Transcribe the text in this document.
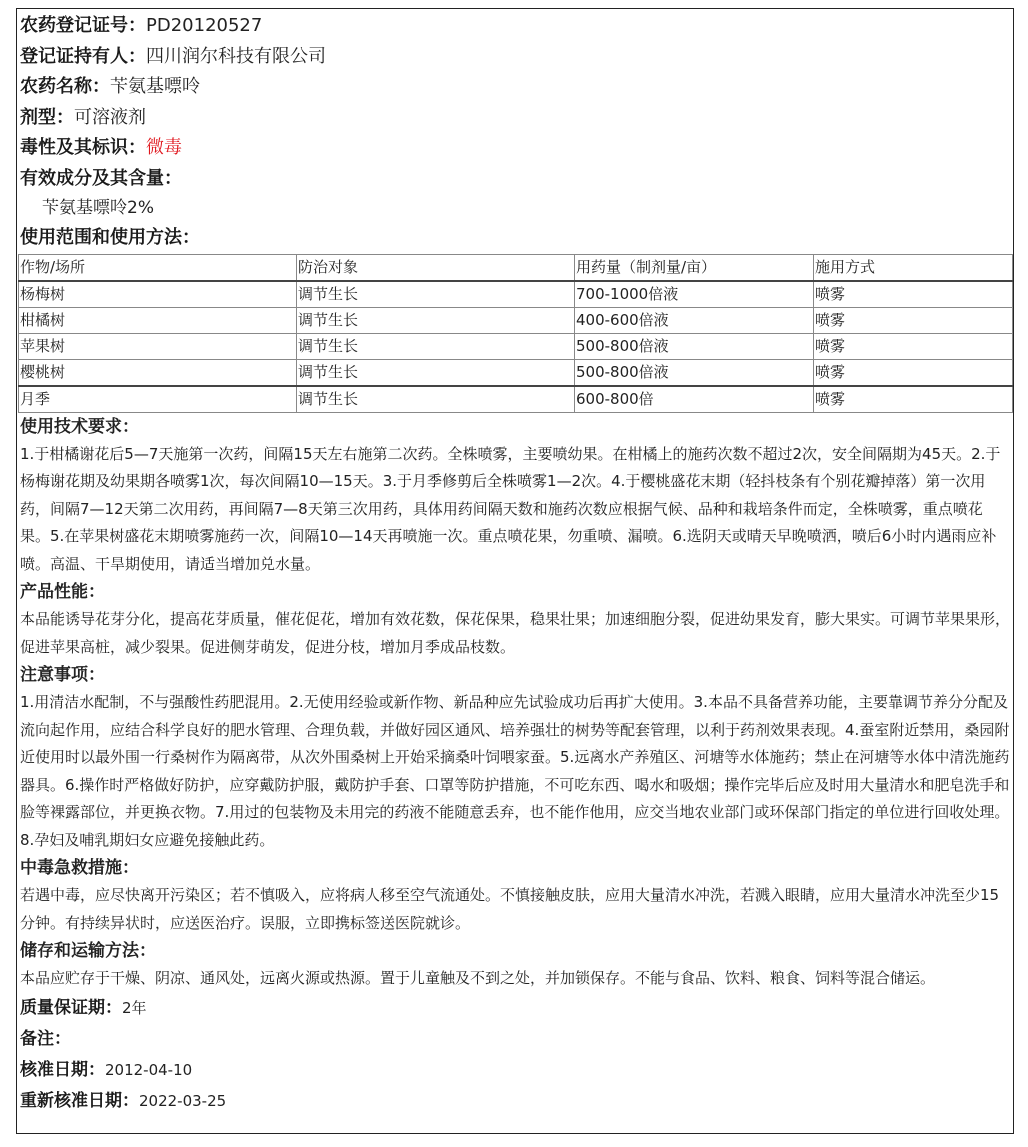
农药登记证号：PD20120527
登记证持有人：四川润尔科技有限公司
农药名称：苄氨基嘌呤
剂型：可溶液剂
毒性及其标识：微毒
有效成分及其含量：
苄氨基嘌呤2%
使用范围和使用方法：
作物/场所	防治对象	用药量（制剂量/亩）	施用方式
杨梅树	调节生长	700-1000倍液	喷雾
柑橘树	调节生长	400-600倍液	喷雾
苹果树	调节生长	500-800倍液	喷雾
樱桃树	调节生长	500-800倍液	喷雾
月季	调节生长	600-800倍	喷雾
使用技术要求：
1.于柑橘谢花后5—7天施第一次药，间隔15天左右施第二次药。全株喷雾，主要喷幼果。在柑橘上的施药次数不超过2次，安全间隔期为45天。2.于杨梅谢花期及幼果期各喷雾1次，每次间隔10—15天。3.于月季修剪后全株喷雾1—2次。4.于樱桃盛花末期（轻抖枝条有个别花瓣掉落）第一次用药，间隔7—12天第二次用药，再间隔7—8天第三次用药，具体用药间隔天数和施药次数应根据气候、品种和栽培条件而定，全株喷雾，重点喷花果。5.在苹果树盛花末期喷雾施药一次，间隔10—14天再喷施一次。重点喷花果，勿重喷、漏喷。6.选阴天或晴天早晚喷洒，喷后6小时内遇雨应补喷。高温、干旱期使用，请适当增加兑水量。
产品性能：
本品能诱导花芽分化，提高花芽质量，催花促花，增加有效花数，保花保果，稳果壮果；加速细胞分裂，促进幼果发育，膨大果实。可调节苹果果形，促进苹果高桩，减少裂果。促进侧芽萌发，促进分枝，增加月季成品枝数。
注意事项：
1.用清洁水配制，不与强酸性药肥混用。2.无使用经验或新作物、新品种应先试验成功后再扩大使用。3.本品不具备营养功能，主要靠调节养分分配及流向起作用，应结合科学良好的肥水管理、合理负载，并做好园区通风、培养强壮的树势等配套管理，以利于药剂效果表现。4.蚕室附近禁用，桑园附近使用时以最外围一行桑树作为隔离带，从次外围桑树上开始采摘桑叶饲喂家蚕。5.远离水产养殖区、河塘等水体施药；禁止在河塘等水体中清洗施药器具。6.操作时严格做好防护，应穿戴防护服，戴防护手套、口罩等防护措施，不可吃东西、喝水和吸烟；操作完毕后应及时用大量清水和肥皂洗手和脸等裸露部位，并更换衣物。7.用过的包装物及未用完的药液不能随意丢弃，也不能作他用，应交当地农业部门或环保部门指定的单位进行回收处理。8.孕妇及哺乳期妇女应避免接触此药。
中毒急救措施：
若遇中毒，应尽快离开污染区；若不慎吸入，应将病人移至空气流通处。不慎接触皮肤，应用大量清水冲洗，若溅入眼睛，应用大量清水冲洗至少15分钟。有持续异状时，应送医治疗。误服，立即携标签送医院就诊。
储存和运输方法：
本品应贮存于干燥、阴凉、通风处，远离火源或热源。置于儿童触及不到之处，并加锁保存。不能与食品、饮料、粮食、饲料等混合储运。
质量保证期：2年
备注：
核准日期：2012-04-10
重新核准日期：2022-03-25
